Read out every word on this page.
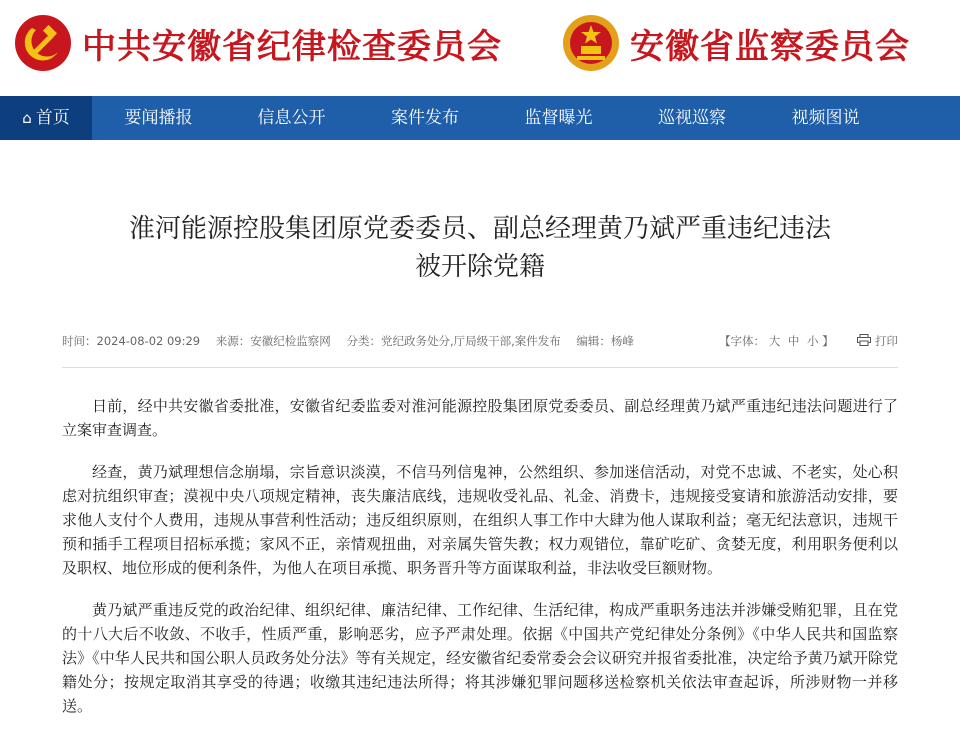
中共安徽省纪律检查委员会	安徽省监察委员会
⌂ 首页	要闻播报	信息公开	案件发布	监督曝光	巡视巡察	视频图说
淮河能源控股集团原党委委员、副总经理黄乃斌严重违纪违法
被开除党籍
时间：2024-08-02 09:29 来源：安徽纪检监察网 分类：党纪政务处分,厅局级干部,案件发布 编辑：杨峰	【字体： 大 中 小 】	打印

日前，经中共安徽省委批准，安徽省纪委监委对淮河能源控股集团原党委委员、副总经理黄乃斌严重违纪违法问题进行了立案审查调查。

经查，黄乃斌理想信念崩塌，宗旨意识淡漠，不信马列信鬼神，公然组织、参加迷信活动，对党不忠诚、不老实，处心积虑对抗组织审查；漠视中央八项规定精神，丧失廉洁底线，违规收受礼品、礼金、消费卡，违规接受宴请和旅游活动安排，要求他人支付个人费用，违规从事营利性活动；违反组织原则，在组织人事工作中大肆为他人谋取利益；毫无纪法意识，违规干预和插手工程项目招标承揽；家风不正，亲情观扭曲，对亲属失管失教；权力观错位，靠矿吃矿、贪婪无度，利用职务便利以及职权、地位形成的便利条件，为他人在项目承揽、职务晋升等方面谋取利益，非法收受巨额财物。

黄乃斌严重违反党的政治纪律、组织纪律、廉洁纪律、工作纪律、生活纪律，构成严重职务违法并涉嫌受贿犯罪，且在党的十八大后不收敛、不收手，性质严重，影响恶劣，应予严肃处理。依据《中国共产党纪律处分条例》《中华人民共和国监察法》《中华人民共和国公职人员政务处分法》等有关规定，经安徽省纪委常委会会议研究并报省委批准，决定给予黄乃斌开除党籍处分；按规定取消其享受的待遇；收缴其违纪违法所得；将其涉嫌犯罪问题移送检察机关依法审查起诉，所涉财物一并移送。
